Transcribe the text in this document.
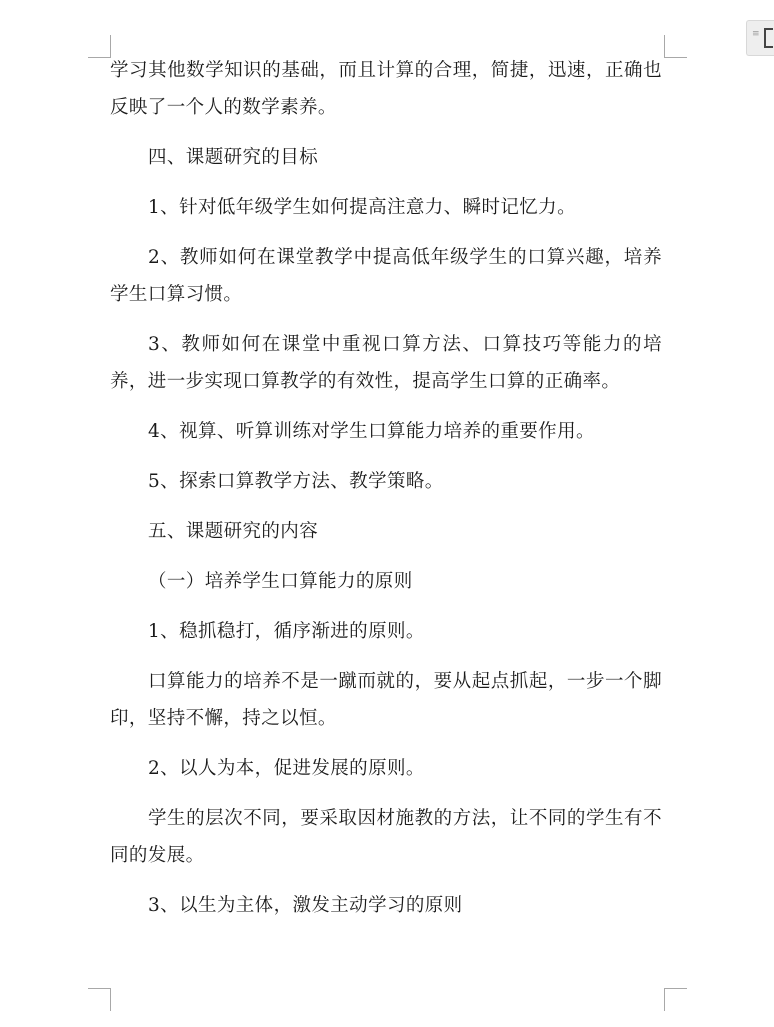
≡

学习其他数学知识的基础，而且计算的合理，简捷，迅速，正确也反映了一个人的数学素养。

四、课题研究的目标

1、针对低年级学生如何提高注意力、瞬时记忆力。

2、教师如何在课堂教学中提高低年级学生的口算兴趣，培养学生口算习惯。

3、教师如何在课堂中重视口算方法、口算技巧等能力的培养，进一步实现口算教学的有效性，提高学生口算的正确率。

4、视算、听算训练对学生口算能力培养的重要作用。

5、探索口算教学方法、教学策略。

五、课题研究的内容

（一）培养学生口算能力的原则

1、稳抓稳打，循序渐进的原则。

口算能力的培养不是一蹴而就的，要从起点抓起，一步一个脚印，坚持不懈，持之以恒。

2、以人为本，促进发展的原则。

学生的层次不同，要采取因材施教的方法，让不同的学生有不同的发展。

3、以生为主体，激发主动学习的原则
